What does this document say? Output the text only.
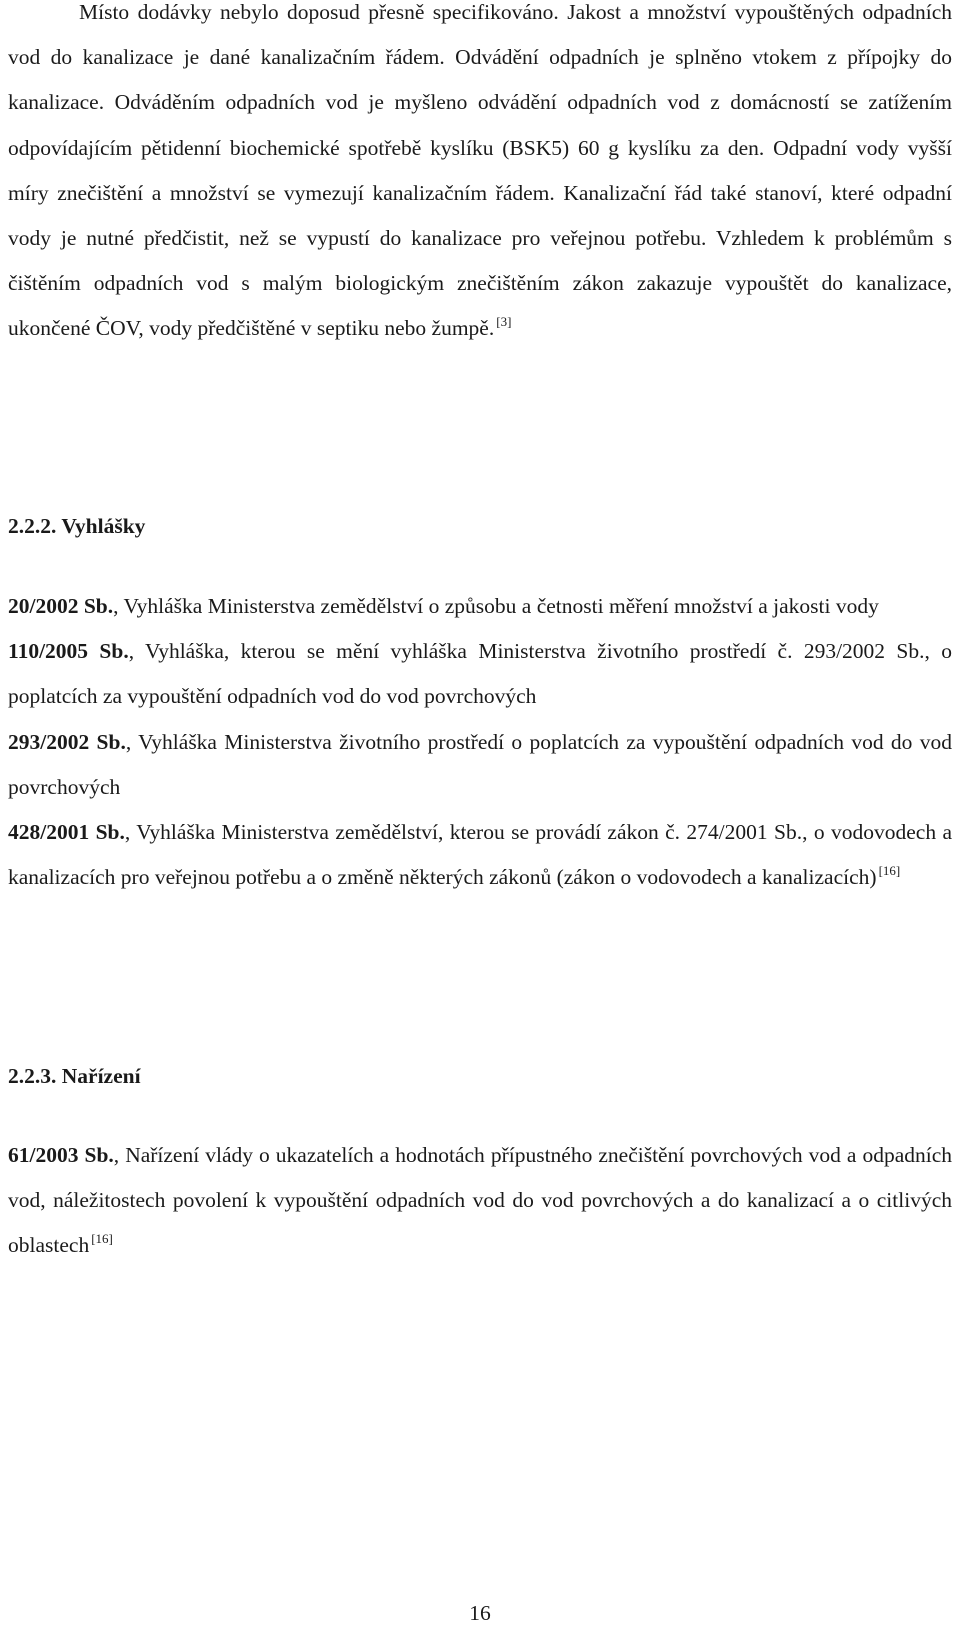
Místo dodávky nebylo doposud přesně specifikováno. Jakost a množství vypouštěných odpadních vod do kanalizace je dané kanalizačním řádem. Odvádění odpadních je splněno vtokem z přípojky do kanalizace. Odváděním odpadních vod je myšleno odvádění odpadních vod z domácností se zatížením odpovídajícím pětidenní biochemické spotřebě kyslíku (BSK5) 60 g kyslíku za den. Odpadní vody vyšší míry znečištění a množství se vymezují kanalizačním řádem. Kanalizační řád také stanoví, které odpadní vody je nutné předčistit, než se vypustí do kanalizace pro veřejnou potřebu. Vzhledem k problémům s čištěním odpadních vod s malým biologickým znečištěním zákon zakazuje vypouštět do kanalizace, ukončené ČOV, vody předčištěné v septiku nebo žumpě. [3]

2.2.2. Vyhlášky

20/2002 Sb., Vyhláška Ministerstva zemědělství o způsobu a četnosti měření množství a jakosti vody

110/2005 Sb., Vyhláška, kterou se mění vyhláška Ministerstva životního prostředí č. 293/2002 Sb., o poplatcích za vypouštění odpadních vod do vod povrchových

293/2002 Sb., Vyhláška Ministerstva životního prostředí o poplatcích za vypouštění odpadních vod do vod povrchových

428/2001 Sb., Vyhláška Ministerstva zemědělství, kterou se provádí zákon č. 274/2001 Sb., o vodovodech a kanalizacích pro veřejnou potřebu a o změně některých zákonů (zákon o vodovodech a kanalizacích) [16]

2.2.3. Nařízení

61/2003 Sb., Nařízení vlády o ukazatelích a hodnotách přípustného znečištění povrchových vod a odpadních vod, náležitostech povolení k vypouštění odpadních vod do vod povrchových a do kanalizací a o citlivých oblastech [16]

16
